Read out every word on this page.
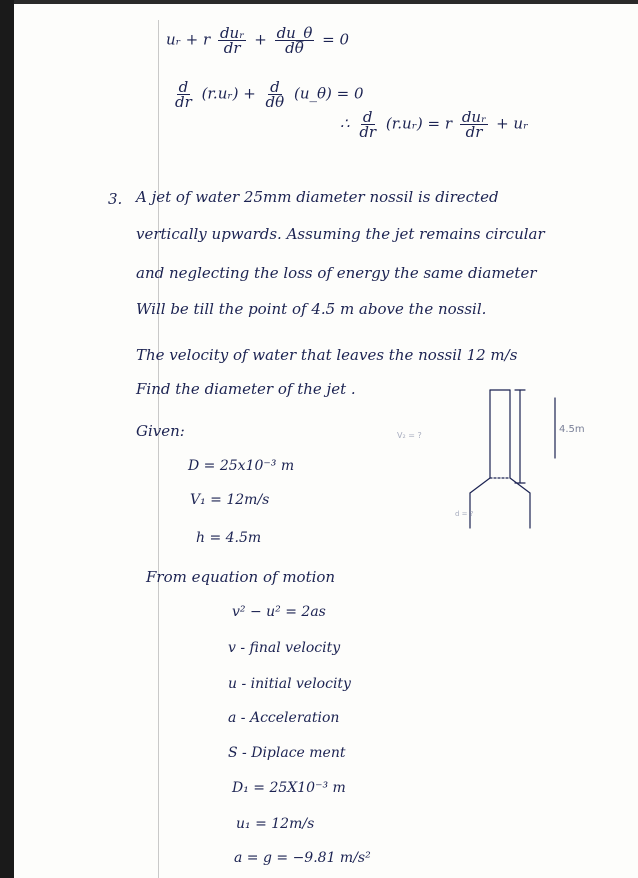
uᵣ + r $\frac{\text{duᵣ}}{dr} + \frac{du\_\theta}{d\theta} = 0$
$\frac{d}{dr}$ (r.uᵣ) + $\frac{d}{d\theta}$ (u_θ) = 0
∴ $\frac{d}{dr}$ (r.uᵣ) = r $\frac{\text{duᵣ}}{dr}$ + uᵣ
3. A jet of water 25mm diameter nossil is directed
vertically upwards. Assuming the jet remains circular
and neglecting the loss of energy the same diameter
Will be till the point of 4.5 m above the nossil.
The velocity of water that leaves the nossil 12 m/s
Find the diameter of the jet .
Given:
D = 25x10⁻³ m
V₁ = 12m/s
h = 4.5m
4.5m
V₂ = ?
d = ?
From equation of motion
v² − u² = 2as
v - final velocity
u - initial velocity
a - Acceleration
S - Diplace ment
D₁ = 25X10⁻³ m
u₁ = 12m/s
a = g = −9.81 m/s²
